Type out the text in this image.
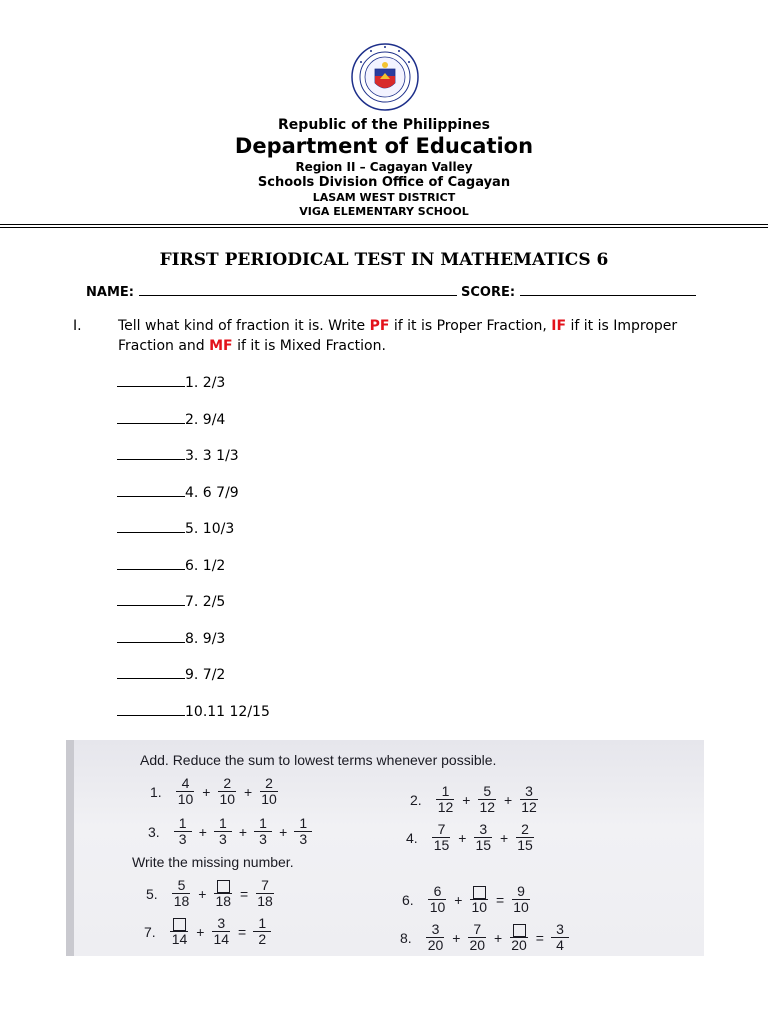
Republic of the Philippines
Department of Education
Region II – Cagayan Valley
Schools Division Office of Cagayan
LASAM WEST DISTRICT
VIGA ELEMENTARY SCHOOL
FIRST PERIODICAL TEST IN MATHEMATICS 6
NAME:	SCORE:
I.	Tell what kind of fraction it is. Write PF if it is Proper Fraction, IF if it is Improper Fraction and MF if it is Mixed Fraction.
1. 2/3
2. 9/4
3. 3 1/3
4. 6 7/9
5. 10/3
6. 1/2
7. 2/5
8. 9/3
9. 7/2
10.11 12/15
Add. Reduce the sum to lowest terms whenever possible.
Write the missing number.
1. $\frac{4}{10} + \frac{2}{10} + \frac{2}{10}$	2. $\frac{1}{12} + \frac{5}{12} + \frac{3}{12}$
3. $\frac{1}{3} + \frac{1}{3} + \frac{1}{3} + \frac{1}{3}$	4. $\frac{7}{15} + \frac{3}{15} + \frac{2}{15}$
5. $\frac{5}{18} + 18 = \frac{7}{18}$	6. $\frac{6}{10} + 10 = \frac{9}{10}$
7. $14 + \frac{3}{14} = \frac{1}{2}$	8. $\frac{3}{20} + \frac{7}{20} + 20 = \frac{3}{4}$
